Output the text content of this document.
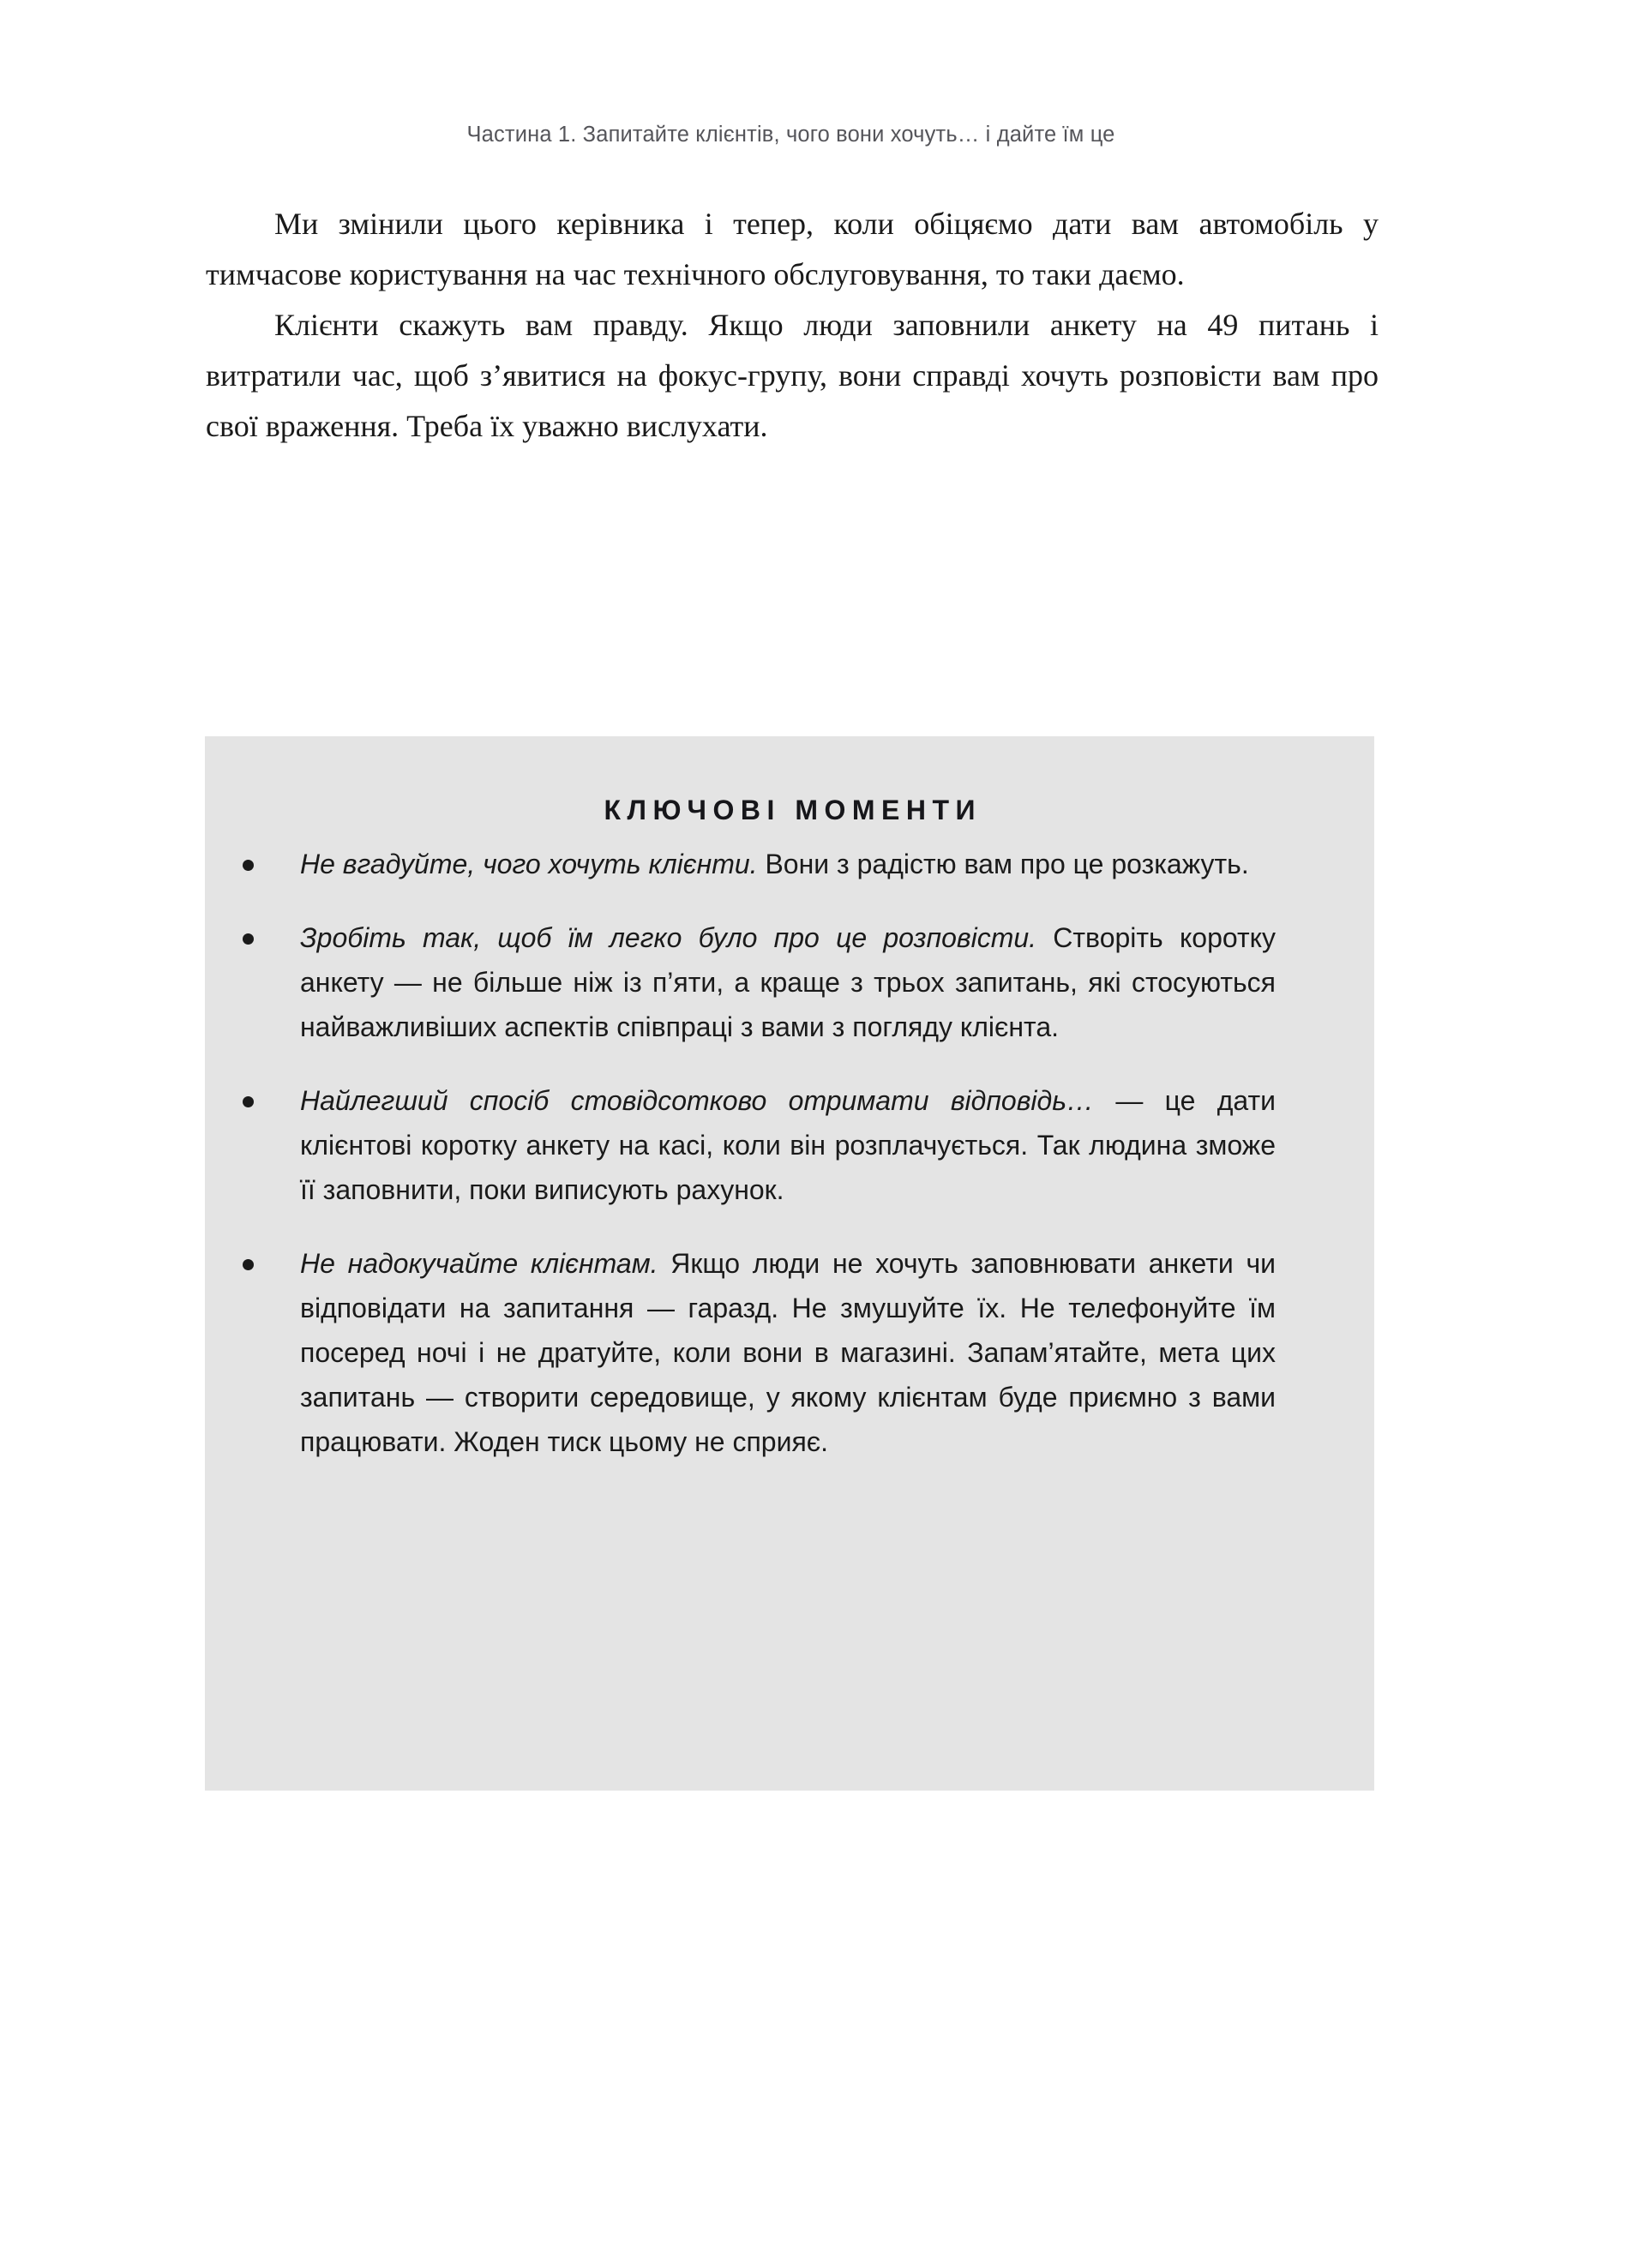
Частина 1. Запитайте клієнтів, чого вони хочуть… і дайте їм це

Ми змінили цього керівника і тепер, коли обіцяємо дати вам автомобіль у тимчасове користування на час технічного обслуговування, то таки даємо.

Клієнти скажуть вам правду. Якщо люди заповнили анкету на 49 питань і витратили час, щоб з’явитися на фокус-групу, вони справді хочуть розповісти вам про свої враження. Треба їх уважно вислухати.

КЛЮЧОВІ МОМЕНТИ
Не вгадуйте, чого хочуть клієнти. Вони з радістю вам про це розкажуть.
Зробіть так, щоб їм легко було про це розповісти. Створіть коротку анкету — не більше ніж із п’яти, а краще з трьох запитань, які стосуються найважливіших аспектів співпраці з вами з погляду клієнта.
Найлегший спосіб стовідсотково отримати відповідь… — це дати клієнтові коротку анкету на касі, коли він розплачується. Так людина зможе її заповнити, поки виписують рахунок.
Не надокучайте клієнтам. Якщо люди не хочуть заповнювати анкети чи відповідати на запитання — гаразд. Не змушуйте їх. Не телефонуйте їм посеред ночі і не дратуйте, коли вони в магазині. Запам’ятайте, мета цих запитань — створити середовище, у якому клієнтам буде приємно з вами працювати. Жоден тиск цьому не сприяє.
